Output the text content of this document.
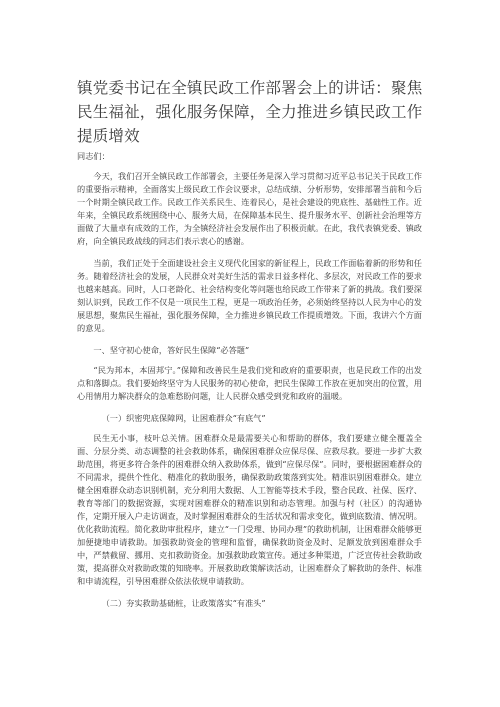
镇党委书记在全镇民政工作部署会上的讲话：聚焦民生福祉，强化服务保障，全力推进乡镇民政工作提质增效

同志们：

今天，我们召开全镇民政工作部署会，主要任务是深入学习贯彻习近平总书记关于民政工作的重要指示精神，全面落实上级民政工作会议要求，总结成绩、分析形势，安排部署当前和今后一个时期全镇民政工作。民政工作关系民生、连着民心，是社会建设的兜底性、基础性工作。近年来，全镇民政系统围绕中心、服务大局，在保障基本民生、提升服务水平、创新社会治理等方面做了大量卓有成效的工作，为全镇经济社会发展作出了积极贡献。在此，我代表镇党委、镇政府，向全镇民政战线的同志们表示衷心的感谢。

当前，我们正处于全面建设社会主义现代化国家的新征程上，民政工作面临着新的形势和任务。随着经济社会的发展，人民群众对美好生活的需求日益多样化、多层次，对民政工作的要求也越来越高。同时，人口老龄化、社会结构变化等问题也给民政工作带来了新的挑战。我们要深刻认识到，民政工作不仅是一项民生工程，更是一项政治任务，必须始终坚持以人民为中心的发展思想，聚焦民生福祉，强化服务保障，全力推进乡镇民政工作提质增效。下面，我讲六个方面的意见。

一、坚守初心使命，答好民生保障“必答题”

“民为邦本，本固邦宁。”保障和改善民生是我们党和政府的重要职责，也是民政工作的出发点和落脚点。我们要始终坚守为人民服务的初心使命，把民生保障工作放在更加突出的位置，用心用情用力解决群众的急难愁盼问题，让人民群众感受到党和政府的温暖。

（一）织密兜底保障网，让困难群众“有底气”

民生无小事，枝叶总关情。困难群众是最需要关心和帮助的群体，我们要建立健全覆盖全面、分层分类、动态调整的社会救助体系，确保困难群众应保尽保、应救尽救。要进一步扩大救助范围，将更多符合条件的困难群众纳入救助体系，做到“应保尽保”。同时，要根据困难群众的不同需求，提供个性化、精准化的救助服务，确保救助政策落到实处。精准识别困难群众。建立健全困难群众动态识别机制，充分利用大数据、人工智能等技术手段，整合民政、社保、医疗、教育等部门的数据资源，实现对困难群众的精准识别和动态管理。加强与村（社区）的沟通协作，定期开展入户走访调查，及时掌握困难群众的生活状况和需求变化，做到底数清、情况明。优化救助流程。简化救助审批程序，建立“一门受理、协同办理”的救助机制，让困难群众能够更加便捷地申请救助。加强救助资金的管理和监督，确保救助资金及时、足额发放到困难群众手中，严禁截留、挪用、克扣救助资金。加强救助政策宣传。通过多种渠道，广泛宣传社会救助政策，提高群众对救助政策的知晓率。开展救助政策解读活动，让困难群众了解救助的条件、标准和申请流程，引导困难群众依法依规申请救助。

（二）夯实救助基础桩，让政策落实“有准头”
